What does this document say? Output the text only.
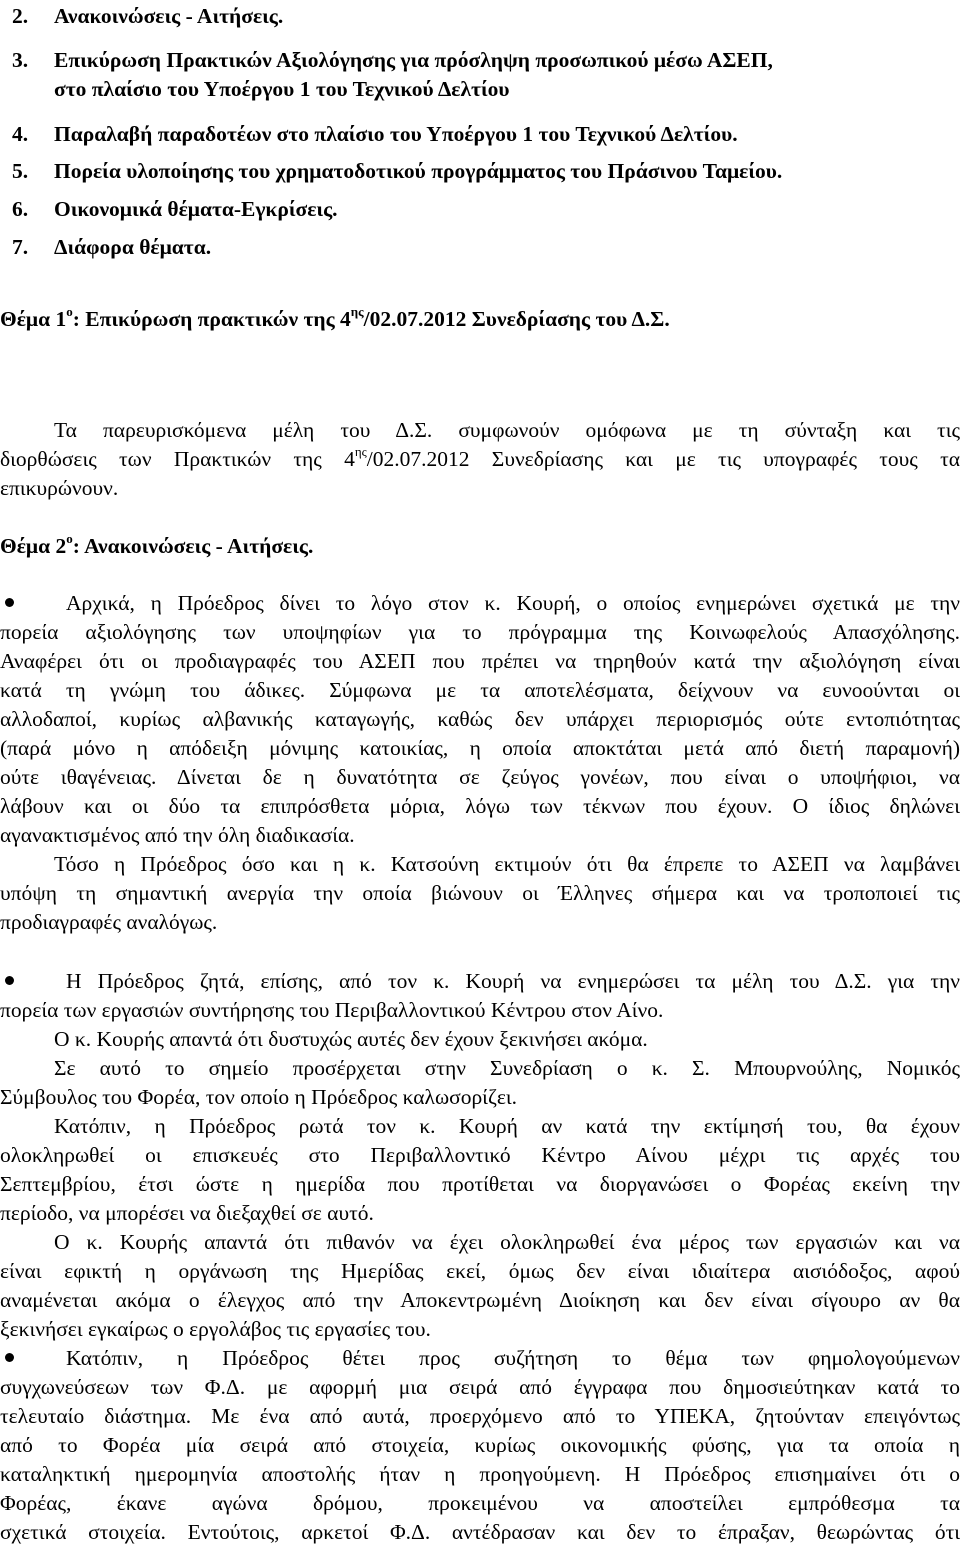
2. Ανακοινώσεις - Αιτήσεις.
3. Επικύρωση Πρακτικών Αξιολόγησης για πρόσληψη προσωπικού μέσω ΑΣΕΠ,
στο πλαίσιο του Υποέργου 1 του Τεχνικού Δελτίου
4. Παραλαβή παραδοτέων στο πλαίσιο του Υποέργου 1 του Τεχνικού Δελτίου.
5. Πορεία υλοποίησης του χρηματοδοτικού προγράμματος του Πράσινου Ταμείου.
6. Οικονομικά θέματα-Εγκρίσεις.
7. Διάφορα θέματα.
Θέμα $1^o$: Επικύρωση πρακτικών της $4^{\eta\varsigma}/02.07.2012$ Συνεδρίασης του Δ.Σ.
Τα παρευρισκόμενα μέλη του Δ.Σ. συμφωνούν ομόφωνα με τη σύνταξη και τις
διορθώσεις των Πρακτικών της $4^{\eta\varsigma}/02.07.2012$ Συνεδρίασης και με τις υπογραφές τους τα
επικυρώνουν.
Θέμα $2^o$: Ανακοινώσεις - Αιτήσεις.
Αρχικά, η Πρόεδρος δίνει το λόγο στον κ. Κουρή, ο οποίος ενημερώνει σχετικά με την
πορεία αξιολόγησης των υποψηφίων για το πρόγραμμα της Κοινωφελούς Απασχόλησης.
Αναφέρει ότι οι προδιαγραφές του ΑΣΕΠ που πρέπει να τηρηθούν κατά την αξιολόγηση είναι
κατά τη γνώμη του άδικες. Σύμφωνα με τα αποτελέσματα, δείχνουν να ευνοούνται οι
αλλοδαποί, κυρίως αλβανικής καταγωγής, καθώς δεν υπάρχει περιορισμός ούτε εντοπιότητας
(παρά μόνο η απόδειξη μόνιμης κατοικίας, η οποία αποκτάται μετά από διετή παραμονή)
ούτε ιθαγένειας. Δίνεται δε η δυνατότητα σε ζεύγος γονέων, που είναι ο υποψήφιοι, να
λάβουν και οι δύο τα επιπρόσθετα μόρια, λόγω των τέκνων που έχουν. Ο ίδιος δηλώνει
αγανακτισμένος από την όλη διαδικασία.
Τόσο η Πρόεδρος όσο και η κ. Κατσούνη εκτιμούν ότι θα έπρεπε το ΑΣΕΠ να λαμβάνει
υπόψη τη σημαντική ανεργία την οποία βιώνουν οι Έλληνες σήμερα και να τροποποιεί τις
προδιαγραφές αναλόγως.
Η Πρόεδρος ζητά, επίσης, από τον κ. Κουρή να ενημερώσει τα μέλη του Δ.Σ. για την
πορεία των εργασιών συντήρησης του Περιβαλλοντικού Κέντρου στον Αίνο.
Ο κ. Κουρής απαντά ότι δυστυχώς αυτές δεν έχουν ξεκινήσει ακόμα.
Σε αυτό το σημείο προσέρχεται στην Συνεδρίαση ο κ. Σ. Μπουρνούλης, Νομικός
Σύμβουλος του Φορέα, τον οποίο η Πρόεδρος καλωσορίζει.
Κατόπιν, η Πρόεδρος ρωτά τον κ. Κουρή αν κατά την εκτίμησή του, θα έχουν
ολοκληρωθεί οι επισκευές στο Περιβαλλοντικό Κέντρο Αίνου μέχρι τις αρχές του
Σεπτεμβρίου, έτσι ώστε η ημερίδα που προτίθεται να διοργανώσει ο Φορέας εκείνη την
περίοδο, να μπορέσει να διεξαχθεί σε αυτό.
Ο κ. Κουρής απαντά ότι πιθανόν να έχει ολοκληρωθεί ένα μέρος των εργασιών και να
είναι εφικτή η οργάνωση της Ημερίδας εκεί, όμως δεν είναι ιδιαίτερα αισιόδοξος, αφού
αναμένεται ακόμα ο έλεγχος από την Αποκεντρωμένη Διοίκηση και δεν είναι σίγουρο αν θα
ξεκινήσει εγκαίρως ο εργολάβος τις εργασίες του.
Κατόπιν, η Πρόεδρος θέτει προς συζήτηση το θέμα των φημολογούμενων
συγχωνεύσεων των Φ.Δ. με αφορμή μια σειρά από έγγραφα που δημοσιεύτηκαν κατά το
τελευταίο διάστημα. Με ένα από αυτά, προερχόμενο από το ΥΠΕΚΑ, ζητούνταν επειγόντως
από το Φορέα μία σειρά από στοιχεία, κυρίως οικονομικής φύσης, για τα οποία η
καταληκτική ημερομηνία αποστολής ήταν η προηγούμενη. Η Πρόεδρος επισημαίνει ότι ο
Φορέας, έκανε αγώνα δρόμου, προκειμένου να αποστείλει εμπρόθεσμα τα
σχετικά στοιχεία. Εντούτοις, αρκετοί Φ.Δ. αντέδρασαν και δεν το έπραξαν, θεωρώντας ότι
